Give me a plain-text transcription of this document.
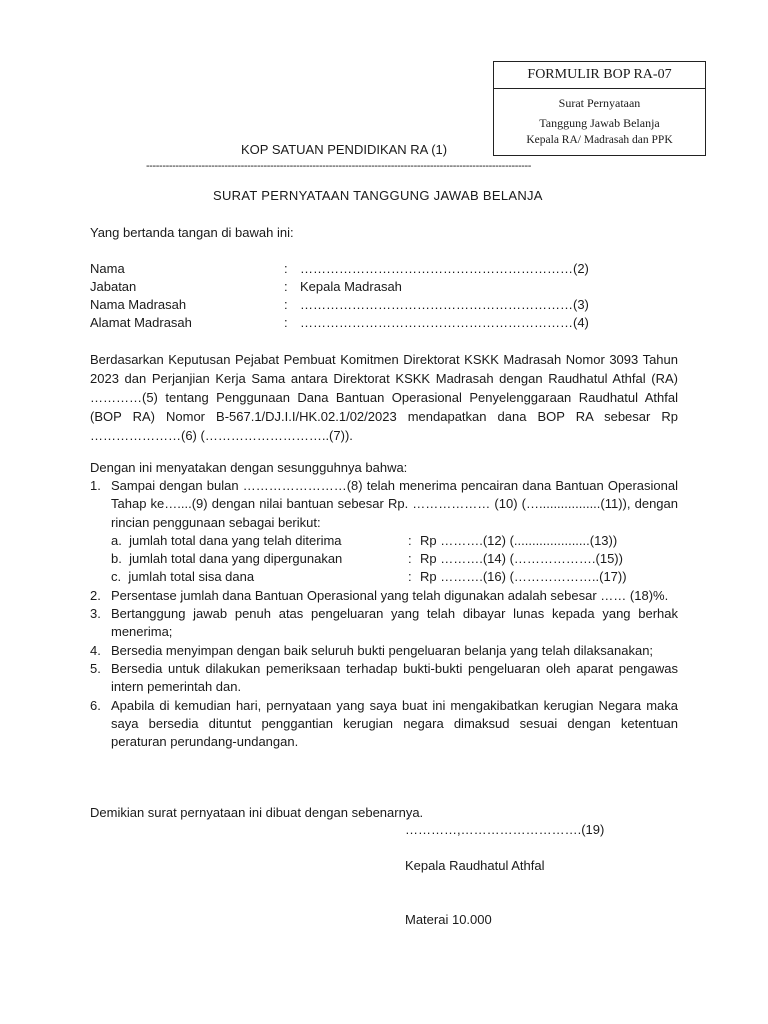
FORMULIR BOP RA-07
Surat Pernyataan
Tanggung Jawab Belanja
Kepala RA/ Madrasah dan PPK
KOP SATUAN PENDIDIKAN RA (1)
----------------------------------------------------------------------------------------------------------------------
SURAT PERNYATAAN TANGGUNG JAWAB BELANJA
Yang bertanda tangan di bawah ini:
Nama	: ………………………………………………………(2)
Jabatan	: Kepala Madrasah
Nama Madrasah	: ………………………………………………………(3)
Alamat Madrasah	: ………………………………………………………(4)
Berdasarkan Keputusan Pejabat Pembuat Komitmen Direktorat KSKK Madrasah Nomor 3093 Tahun 2023 dan Perjanjian Kerja Sama antara Direktorat KSKK Madrasah dengan Raudhatul Athfal (RA) …………(5) tentang Penggunaan Dana Bantuan Operasional Penyelenggaraan Raudhatul Athfal (BOP RA) Nomor B-567.1/DJ.I.I/HK.02.1/02/2023 mendapatkan dana BOP RA sebesar Rp …………………(6) (………………………..(7)).
Dengan ini menyatakan dengan sesungguhnya bahwa:
1. Sampai dengan bulan ……………………(8) telah menerima pencairan dana Bantuan Operasional Tahap ke…....(9) dengan nilai bantuan sebesar Rp. ……………… (10) (….................(11)), dengan rincian penggunaan sebagai berikut:
a. jumlah total dana yang telah diterima	: Rp ……….(12) (.....................(13))
b. jumlah total dana yang dipergunakan	: Rp ……….(14) (……………….(15))
c. jumlah total sisa dana	: Rp ……….(16) (………………..(17))
2. Persentase jumlah dana Bantuan Operasional yang telah digunakan adalah sebesar …… (18)%.
3. Bertanggung jawab penuh atas pengeluaran yang telah dibayar lunas kepada yang berhak menerima;
4. Bersedia menyimpan dengan baik seluruh bukti pengeluaran belanja yang telah dilaksanakan;
5. Bersedia untuk dilakukan pemeriksaan terhadap bukti-bukti pengeluaran oleh aparat pengawas intern pemerintah dan.
6. Apabila di kemudian hari, pernyataan yang saya buat ini mengakibatkan kerugian Negara maka saya bersedia dituntut penggantian kerugian negara dimaksud sesuai dengan ketentuan peraturan perundang-undangan.
Demikian surat pernyataan ini dibuat dengan sebenarnya.
…………,……………………….(19)
Kepala Raudhatul Athfal
Materai 10.000
